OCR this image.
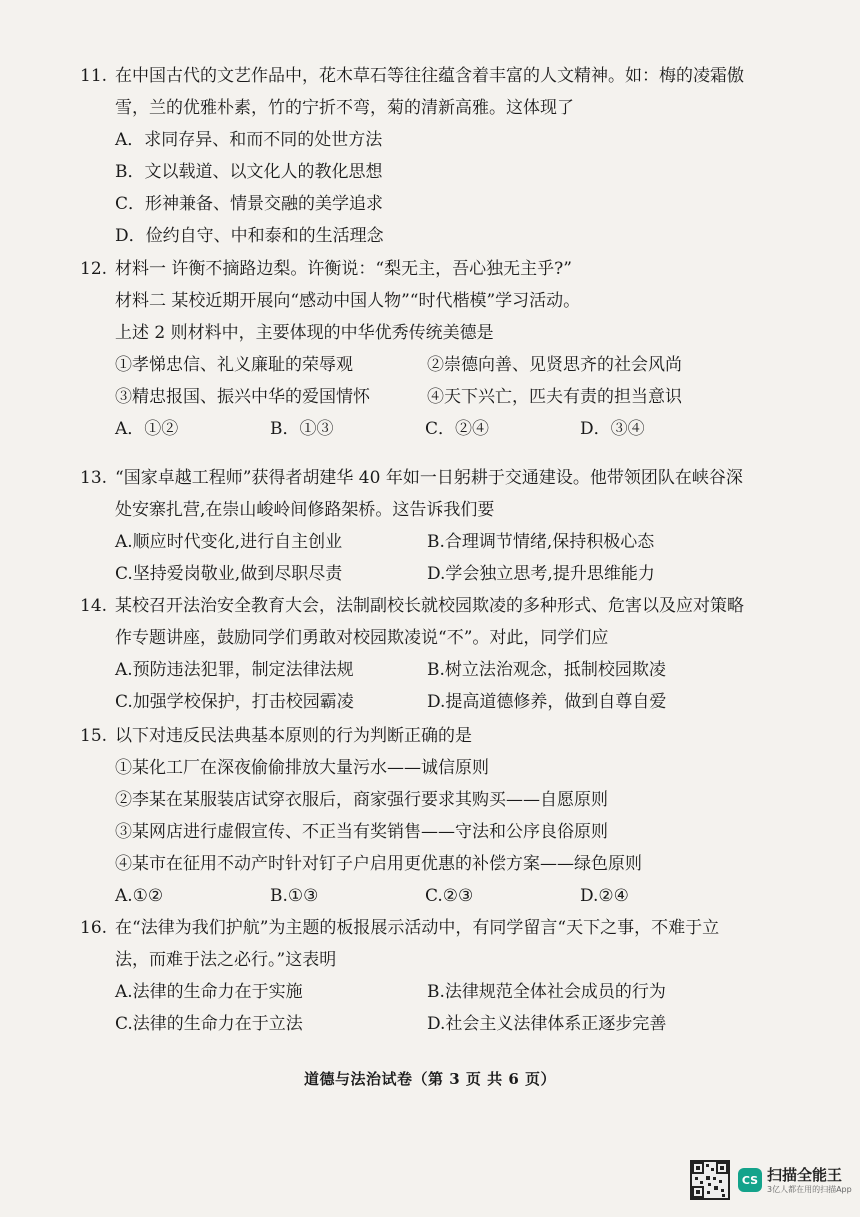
11. 在中国古代的文艺作品中，花木草石等往往蕴含着丰富的人文精神。如：梅的凌霜傲
雪，兰的优雅朴素，竹的宁折不弯，菊的清新高雅。这体现了
A．求同存异、和而不同的处世方法
B．文以载道、以文化人的教化思想
C．形神兼备、情景交融的美学追求
D．俭约自守、中和泰和的生活理念
12. 材料一 许衡不摘路边梨。许衡说：“梨无主，吾心独无主乎?”
材料二 某校近期开展向“感动中国人物”“时代楷模”学习活动。
上述 2 则材料中，主要体现的中华优秀传统美德是
①孝悌忠信、礼义廉耻的荣辱观	②崇德向善、见贤思齐的社会风尚
③精忠报国、振兴中华的爱国情怀	④天下兴亡，匹夫有责的担当意识
A．①②	B．①③	C．②④	D．③④
13. “国家卓越工程师”获得者胡建华 40 年如一日躬耕于交通建设。他带领团队在峡谷深
处安寨扎营,在崇山峻岭间修路架桥。这告诉我们要
A.顺应时代变化,进行自主创业	B.合理调节情绪,保持积极心态
C.坚持爱岗敬业,做到尽职尽责	D.学会独立思考,提升思维能力
14. 某校召开法治安全教育大会，法制副校长就校园欺凌的多种形式、危害以及应对策略
作专题讲座，鼓励同学们勇敢对校园欺凌说“不”。对此，同学们应
A.预防违法犯罪，制定法律法规	B.树立法治观念，抵制校园欺凌
C.加强学校保护，打击校园霸凌	D.提高道德修养，做到自尊自爱
15. 以下对违反民法典基本原则的行为判断正确的是
①某化工厂在深夜偷偷排放大量污水——诚信原则
②李某在某服装店试穿衣服后，商家强行要求其购买——自愿原则
③某网店进行虚假宣传、不正当有奖销售——守法和公序良俗原则
④某市在征用不动产时针对钉子户启用更优惠的补偿方案——绿色原则
A.①②	B.①③	C.②③	D.②④
16. 在“法律为我们护航”为主题的板报展示活动中，有同学留言“天下之事，不难于立
法，而难于法之必行。”这表明
A.法律的生命力在于实施	B.法律规范全体社会成员的行为
C.法律的生命力在于立法	D.社会主义法律体系正逐步完善
道德与法治试卷（第 3 页 共 6 页）
CS 扫描全能王
3亿人都在用的扫描App
